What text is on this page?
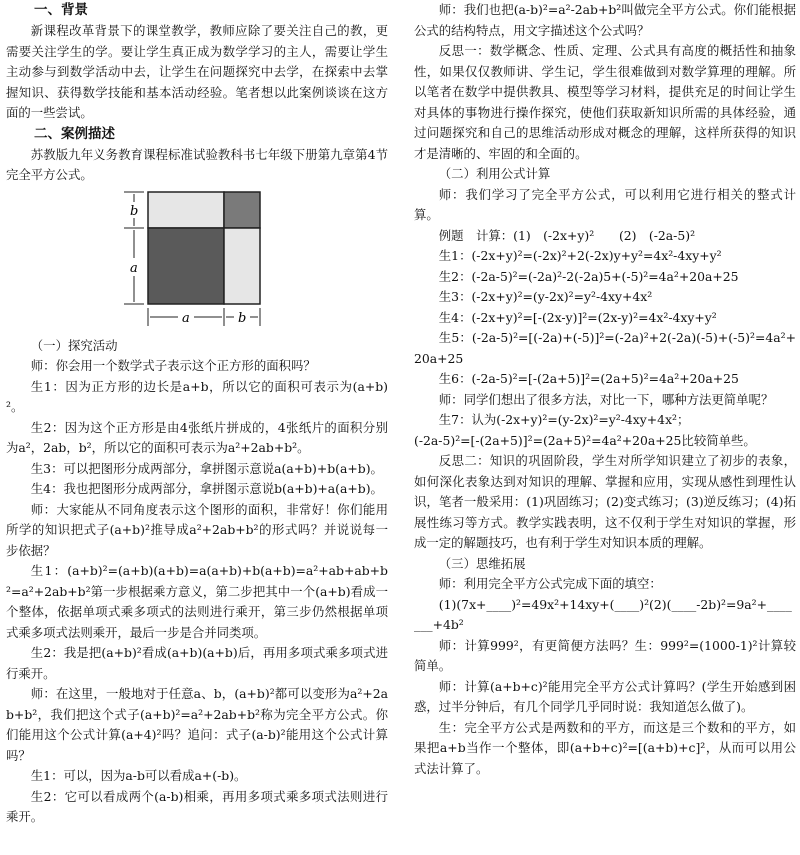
一、背景

新课程改革背景下的课堂教学，教师应除了要关注自己的教，更需要关注学生的学。要让学生真正成为数学学习的主人，需要让学生主动参与到数学活动中去，让学生在问题探究中去学，在探索中去掌握知识、获得数学技能和基本活动经验。笔者想以此案例谈谈在这方面的一些尝试。

二、案例描述

苏教版九年义务教育课程标准试验教科书七年级下册第九章第4节完全平方公式。

b
a
a	b

（一）探究活动

师：你会用一个数学式子表示这个正方形的面积吗？

生1：因为正方形的边长是a+b，所以它的面积可表示为(a+b)²。

生2：因为这个正方形是由4张纸片拼成的，4张纸片的面积分别为a²，2ab，b²，所以它的面积可表示为a²+2ab+b²。

生3：可以把图形分成两部分，拿拼图示意说a(a+b)+b(a+b)。

生4：我也把图形分成两部分，拿拼图示意说b(a+b)+a(a+b)。

师：大家能从不同角度表示这个图形的面积，非常好！你们能用所学的知识把式子(a+b)²推导成a²+2ab+b²的形式吗？并说说每一步依据？

生1：(a+b)²=(a+b)(a+b)=a(a+b)+b(a+b)=a²+ab+ab+b²=a²+2ab+b²第一步根据乘方意义，第二步把其中一个(a+b)看成一个整体，依据单项式乘多项式的法则进行乘开，第三步仍然根据单项式乘多项式法则乘开，最后一步是合并同类项。

生2：我是把(a+b)²看成(a+b)(a+b)后，再用多项式乘多项式进行乘开。

师：在这里，一般地对于任意a、b，(a+b)²都可以变形为a²+2ab+b²，我们把这个式子(a+b)²=a²+2ab+b²称为完全平方公式。你们能用这个公式计算(a+4)²吗？追问：式子(a-b)²能用这个公式计算吗？

生1：可以，因为a-b可以看成a+(-b)。

生2：它可以看成两个(a-b)相乘，再用多项式乘多项式法则进行乘开。

师：我们也把(a-b)²=a²-2ab+b²叫做完全平方公式。你们能根据公式的结构特点，用文字描述这个公式吗？

反思一：数学概念、性质、定理、公式具有高度的概括性和抽象性，如果仅仅教师讲、学生记，学生很难做到对数学算理的理解。所以笔者在数学中提供教具、模型等学习材料，提供充足的时间让学生对具体的事物进行操作探究，使他们获取新知识所需的具体经验，通过问题探究和自己的思维活动形成对概念的理解，这样所获得的知识才是清晰的、牢固的和全面的。

（二）利用公式计算

师：我们学习了完全平方公式，可以利用它进行相关的整式计算。

例题　计算：(1)　(-2x+y)²　　(2)　(-2a-5)²

生1：(-2x+y)²=(-2x)²+2(-2x)y+y²=4x²-4xy+y²

生2：(-2a-5)²=(-2a)²-2(-2a)5+(-5)²=4a²+20a+25

生3：(-2x+y)²=(y-2x)²=y²-4xy+4x²

生4：(-2x+y)²=[-(2x-y)]²=(2x-y)²=4x²-4xy+y²

生5：(-2a-5)²=[(-2a)+(-5)]²=(-2a)²+2(-2a)(-5)+(-5)²=4a²+20a+25

生6：(-2a-5)²=[-(2a+5)]²=(2a+5)²=4a²+20a+25

师：同学们想出了很多方法，对比一下，哪种方法更简单呢？

生7：认为(-2x+y)²=(y-2x)²=y²-4xy+4x²；

(-2a-5)²=[-(2a+5)]²=(2a+5)²=4a²+20a+25比较简单些。

反思二：知识的巩固阶段，学生对所学知识建立了初步的表象，如何深化表象达到对知识的理解、掌握和应用，实现从感性到理性认识，笔者一般采用：(1)巩固练习；(2)变式练习；(3)逆反练习；(4)拓展性练习等方式。教学实践表明，这不仅利于学生对知识的掌握，形成一定的解题技巧，也有利于学生对知识本质的理解。

（三）思维拓展

师：利用完全平方公式完成下面的填空：

(1)(7x+____)²=49x²+14xy+(____)²(2)(____-2b)²=9a²+_______+4b²

师：计算999²，有更简便方法吗？生：999²=(1000-1)²计算较简单。

师：计算(a+b+c)²能用完全平方公式计算吗？(学生开始感到困惑，过半分钟后，有几个同学几乎同时说：我知道怎么做了)。

生：完全平方公式是两数和的平方，而这是三个数和的平方，如果把a+b当作一个整体，即(a+b+c)²=[(a+b)+c]²，从而可以用公式法计算了。
